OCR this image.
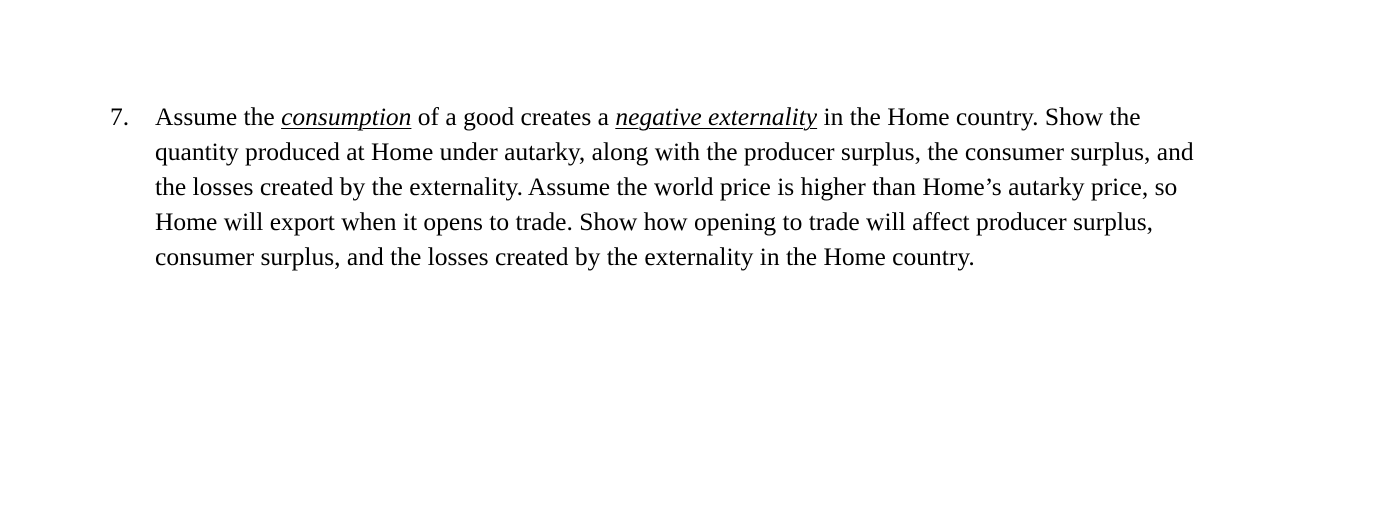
7.	Assume the consumption of a good creates a negative externality in the Home country. Show the
quantity produced at Home under autarky, along with the producer surplus, the consumer surplus, and
the losses created by the externality. Assume the world price is higher than Home’s autarky price, so
Home will export when it opens to trade. Show how opening to trade will affect producer surplus,
consumer surplus, and the losses created by the externality in the Home country.
